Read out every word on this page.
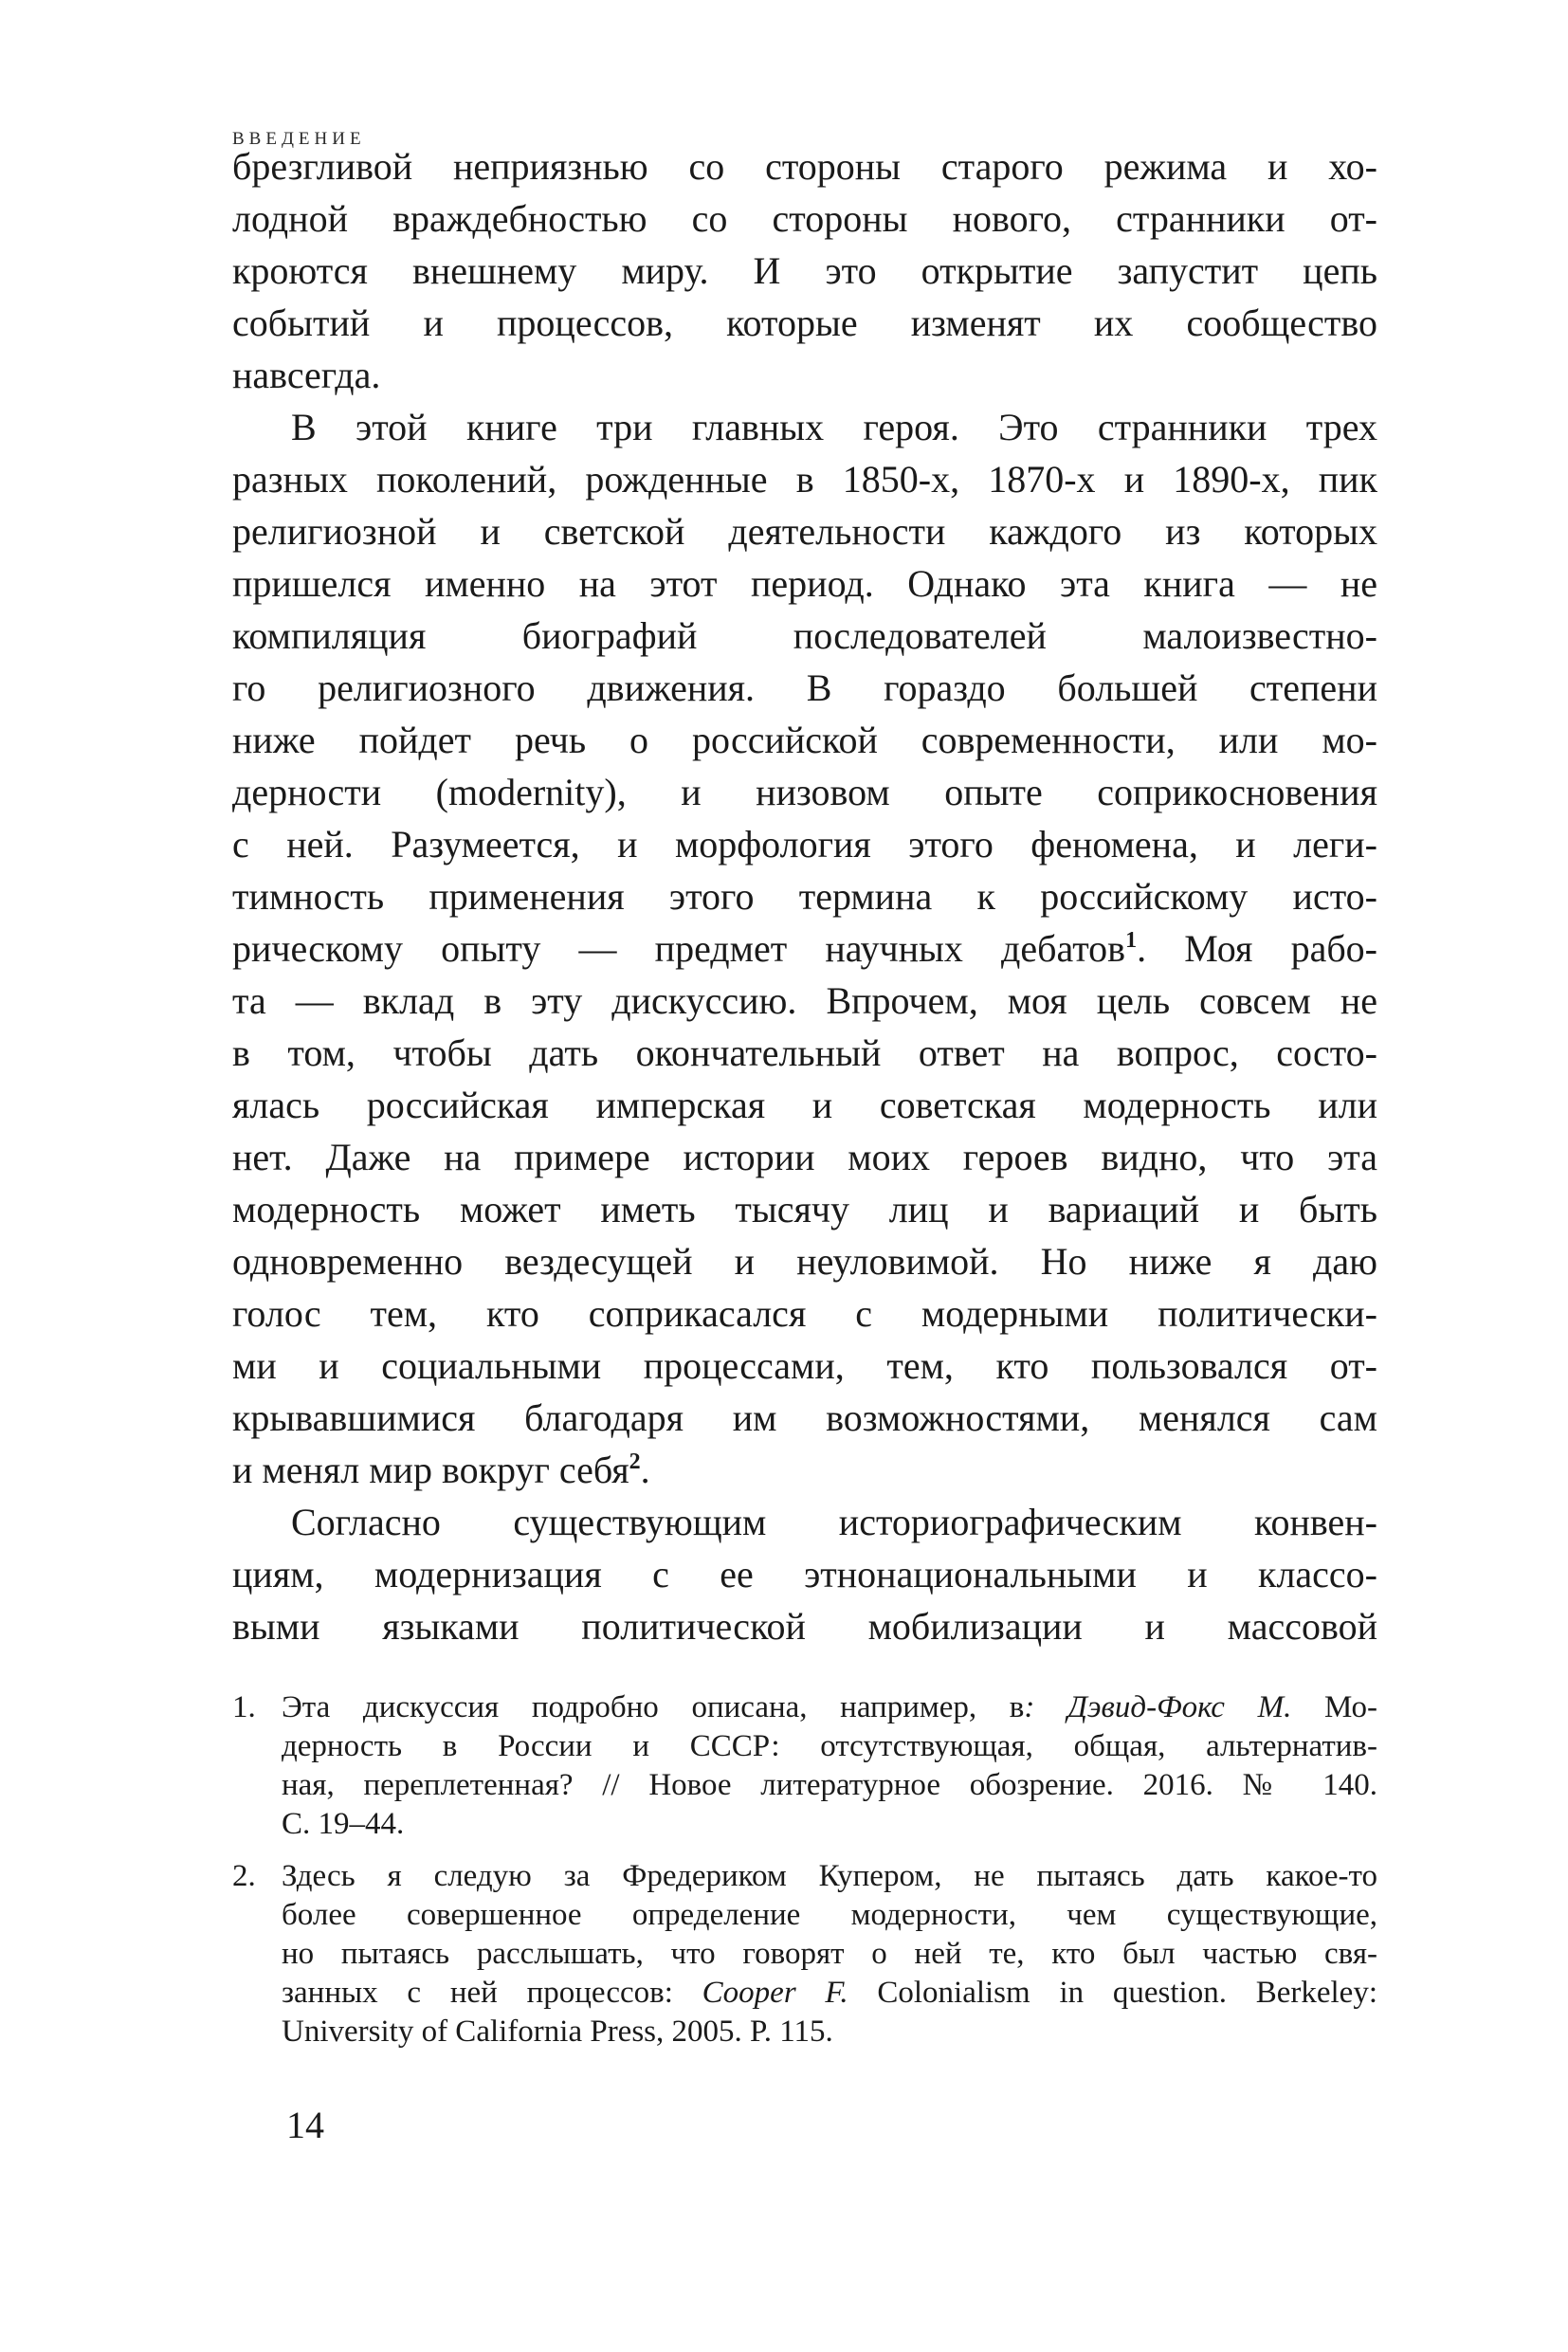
ВВЕДЕНИЕ
брезгливой неприязнью со стороны старого режима и хо-
лодной враждебностью со стороны нового, странники от-
кроются внешнему миру. И это открытие запустит цепь
событий и процессов, которые изменят их сообщество
навсегда.
В этой книге три главных героя. Это странники трех
разных поколений, рожденные в 1850-х, 1870-х и 1890-х, пик
религиозной и светской деятельности каждого из которых
пришелся именно на этот период. Однако эта книга — не
компиляция биографий последователей малоизвестно-
го религиозного движения. В гораздо большей степени
ниже пойдет речь о российской современности, или мо-
дерности (modernity), и низовом опыте соприкосновения
с ней. Разумеется, и морфология этого феномена, и леги-
тимность применения этого термина к российскому исто-
рическому опыту — предмет научных дебатов$^1$. Моя рабо-
та — вклад в эту дискуссию. Впрочем, моя цель совсем не
в том, чтобы дать окончательный ответ на вопрос, состо-
ялась российская имперская и советская модерность или
нет. Даже на примере истории моих героев видно, что эта
модерность может иметь тысячу лиц и вариаций и быть
одновременно вездесущей и неуловимой. Но ниже я даю
голос тем, кто соприкасался с модерными политически-
ми и социальными процессами, тем, кто пользовался от-
крывавшимися благодаря им возможностями, менялся сам
и менял мир вокруг себя$^2$.
Согласно существующим историографическим конвен-
циям, модернизация с ее этнонациональными и классо-
выми языками политической мобилизации и массовой
1. Эта дискуссия подробно описана, например, в: Дэвид-Фокс М. Мо-
дерность в России и СССР: отсутствующая, общая, альтернатив-
ная, переплетенная? // Новое литературное обозрение. 2016. № 140.
С. 19–44.
2. Здесь я следую за Фредериком Купером, не пытаясь дать какое-то
более совершенное определение модерности, чем существующие,
но пытаясь расслышать, что говорят о ней те, кто был частью свя-
занных с ней процессов: Cooper F. Colonialism in question. Berkeley:
University of California Press, 2005. P. 115.
14
